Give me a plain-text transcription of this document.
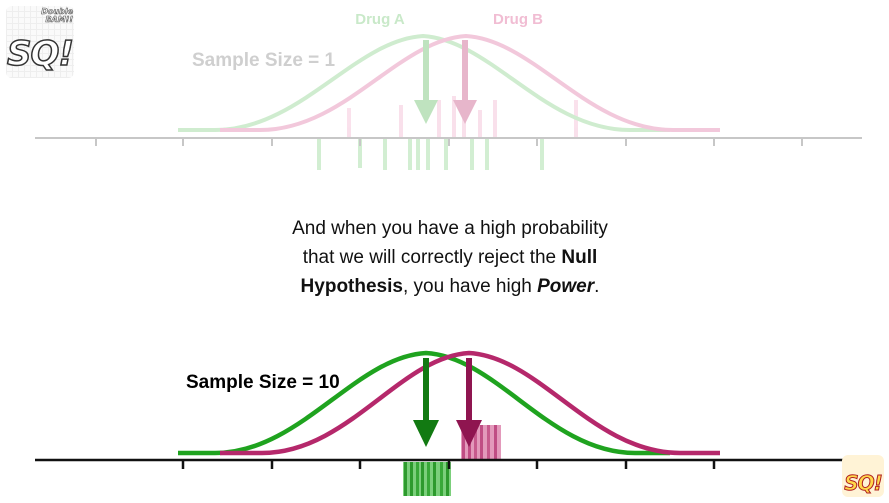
Drug A	Drug B
Sample Size = 1
Sample Size = 10
And when you have a high probability
that we will correctly reject the Null
Hypothesis, you have high Power.
Double
BAM!!
SQ!
SQ!
